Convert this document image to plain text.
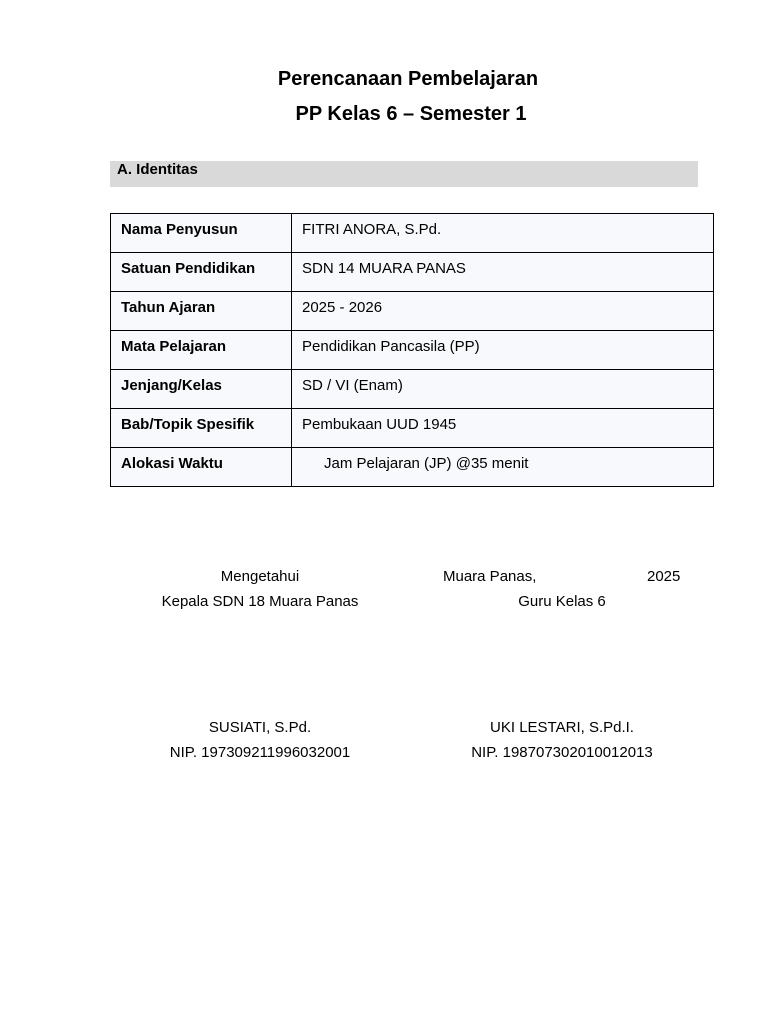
Perencanaan Pembelajaran
PP Kelas 6 – Semester 1
A. Identitas
Nama Penyusun	FITRI ANORA, S.Pd.
Satuan Pendidikan	SDN 14 MUARA PANAS
Tahun Ajaran	2025 - 2026
Mata Pelajaran	Pendidikan Pancasila (PP)
Jenjang/Kelas	SD / VI (Enam)
Bab/Topik Spesifik	Pembukaan UUD 1945
Alokasi Waktu	Jam Pelajaran (JP) @35 menit
Mengetahui
Kepala SDN 18 Muara Panas
SUSIATI, S.Pd.
NIP. 197309211996032001
Muara Panas,	2025
Guru Kelas 6
UKI LESTARI, S.Pd.I.
NIP. 198707302010012013
